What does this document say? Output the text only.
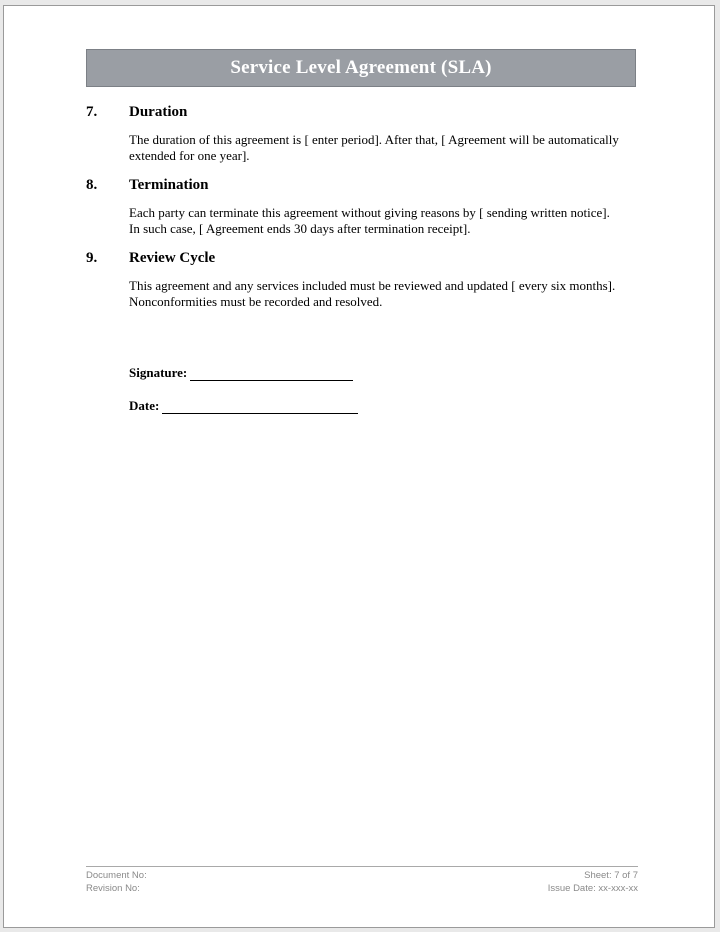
Service Level Agreement (SLA)
7.	Duration

The duration of this agreement is [ enter period]. After that, [ Agreement will be automatically

extended for one year].

8.	Termination

Each party can terminate this agreement without giving reasons by [ sending written notice].

In such case, [ Agreement ends 30 days after termination receipt].

9.	Review Cycle

This agreement and any services included must be reviewed and updated [ every six months].

Nonconformities must be recorded and resolved.

Signature:
Date:
Document No:	Sheet: 7 of 7
Revision No:	Issue Date: xx-xxx-xx
